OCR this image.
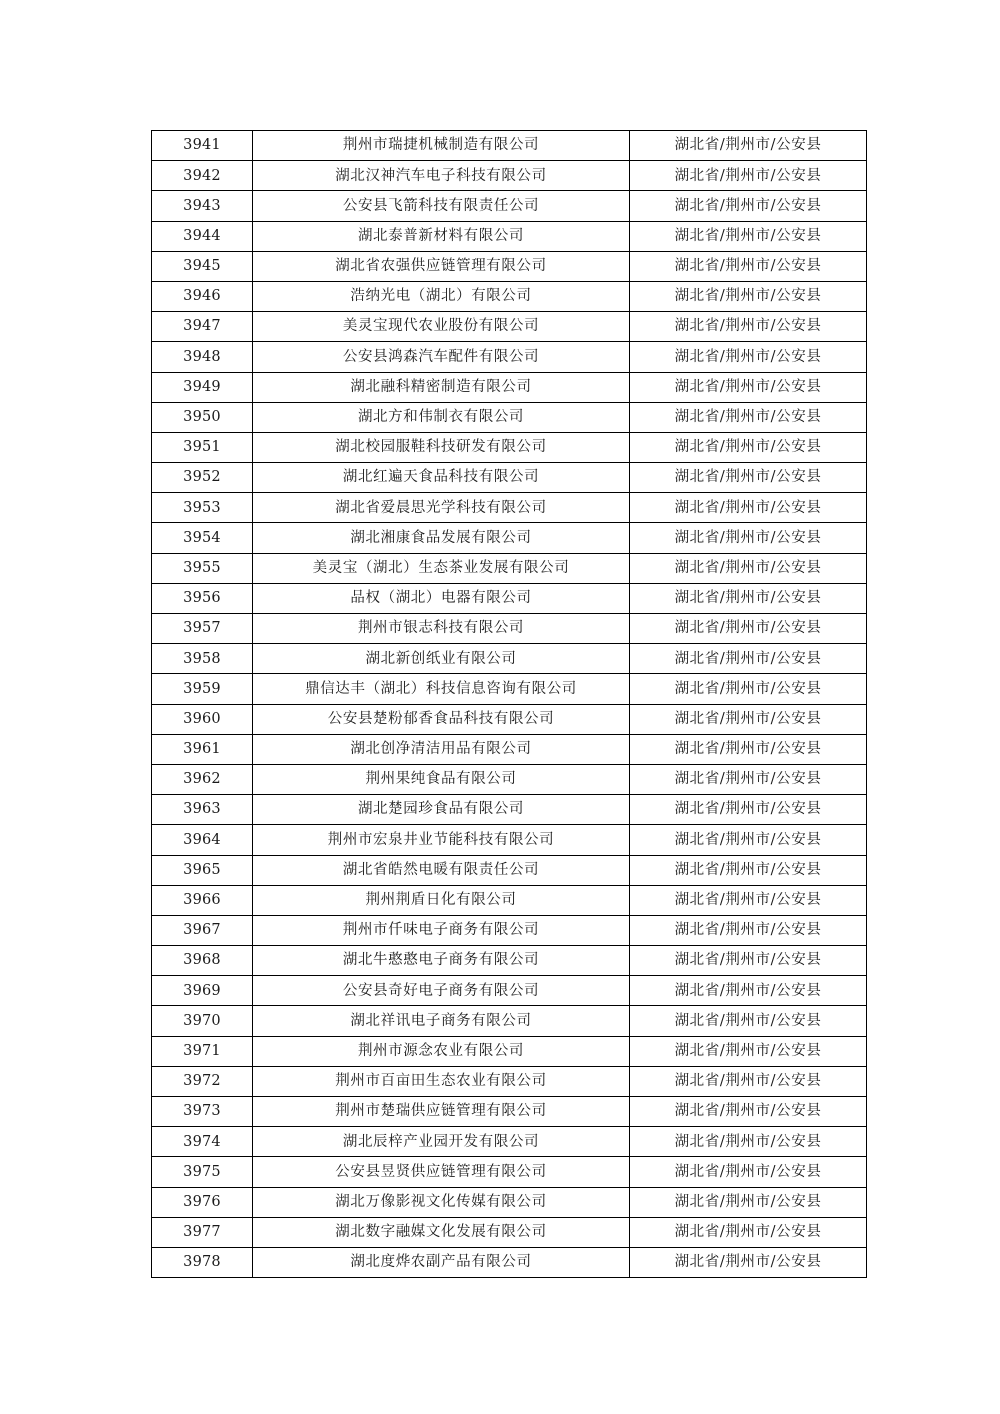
3941	荆州市瑞捷机械制造有限公司	湖北省/荆州市/公安县
3942	湖北汉神汽车电子科技有限公司	湖北省/荆州市/公安县
3943	公安县飞箭科技有限责任公司	湖北省/荆州市/公安县
3944	湖北泰普新材料有限公司	湖北省/荆州市/公安县
3945	湖北省农强供应链管理有限公司	湖北省/荆州市/公安县
3946	浩纳光电（湖北）有限公司	湖北省/荆州市/公安县
3947	美灵宝现代农业股份有限公司	湖北省/荆州市/公安县
3948	公安县鸿森汽车配件有限公司	湖北省/荆州市/公安县
3949	湖北融科精密制造有限公司	湖北省/荆州市/公安县
3950	湖北方和伟制衣有限公司	湖北省/荆州市/公安县
3951	湖北校园服鞋科技研发有限公司	湖北省/荆州市/公安县
3952	湖北红遍天食品科技有限公司	湖北省/荆州市/公安县
3953	湖北省爱晨思光学科技有限公司	湖北省/荆州市/公安县
3954	湖北湘康食品发展有限公司	湖北省/荆州市/公安县
3955	美灵宝（湖北）生态茶业发展有限公司	湖北省/荆州市/公安县
3956	品权（湖北）电器有限公司	湖北省/荆州市/公安县
3957	荆州市银志科技有限公司	湖北省/荆州市/公安县
3958	湖北新创纸业有限公司	湖北省/荆州市/公安县
3959	鼎信达丰（湖北）科技信息咨询有限公司	湖北省/荆州市/公安县
3960	公安县楚粉郁香食品科技有限公司	湖北省/荆州市/公安县
3961	湖北创净清洁用品有限公司	湖北省/荆州市/公安县
3962	荆州果纯食品有限公司	湖北省/荆州市/公安县
3963	湖北楚园珍食品有限公司	湖北省/荆州市/公安县
3964	荆州市宏泉井业节能科技有限公司	湖北省/荆州市/公安县
3965	湖北省皓然电暖有限责任公司	湖北省/荆州市/公安县
3966	荆州荆盾日化有限公司	湖北省/荆州市/公安县
3967	荆州市仟味电子商务有限公司	湖北省/荆州市/公安县
3968	湖北牛憨憨电子商务有限公司	湖北省/荆州市/公安县
3969	公安县奇好电子商务有限公司	湖北省/荆州市/公安县
3970	湖北祥讯电子商务有限公司	湖北省/荆州市/公安县
3971	荆州市源念农业有限公司	湖北省/荆州市/公安县
3972	荆州市百亩田生态农业有限公司	湖北省/荆州市/公安县
3973	荆州市楚瑞供应链管理有限公司	湖北省/荆州市/公安县
3974	湖北辰梓产业园开发有限公司	湖北省/荆州市/公安县
3975	公安县昱贤供应链管理有限公司	湖北省/荆州市/公安县
3976	湖北万像影视文化传媒有限公司	湖北省/荆州市/公安县
3977	湖北数字融媒文化发展有限公司	湖北省/荆州市/公安县
3978	湖北度烨农副产品有限公司	湖北省/荆州市/公安县
